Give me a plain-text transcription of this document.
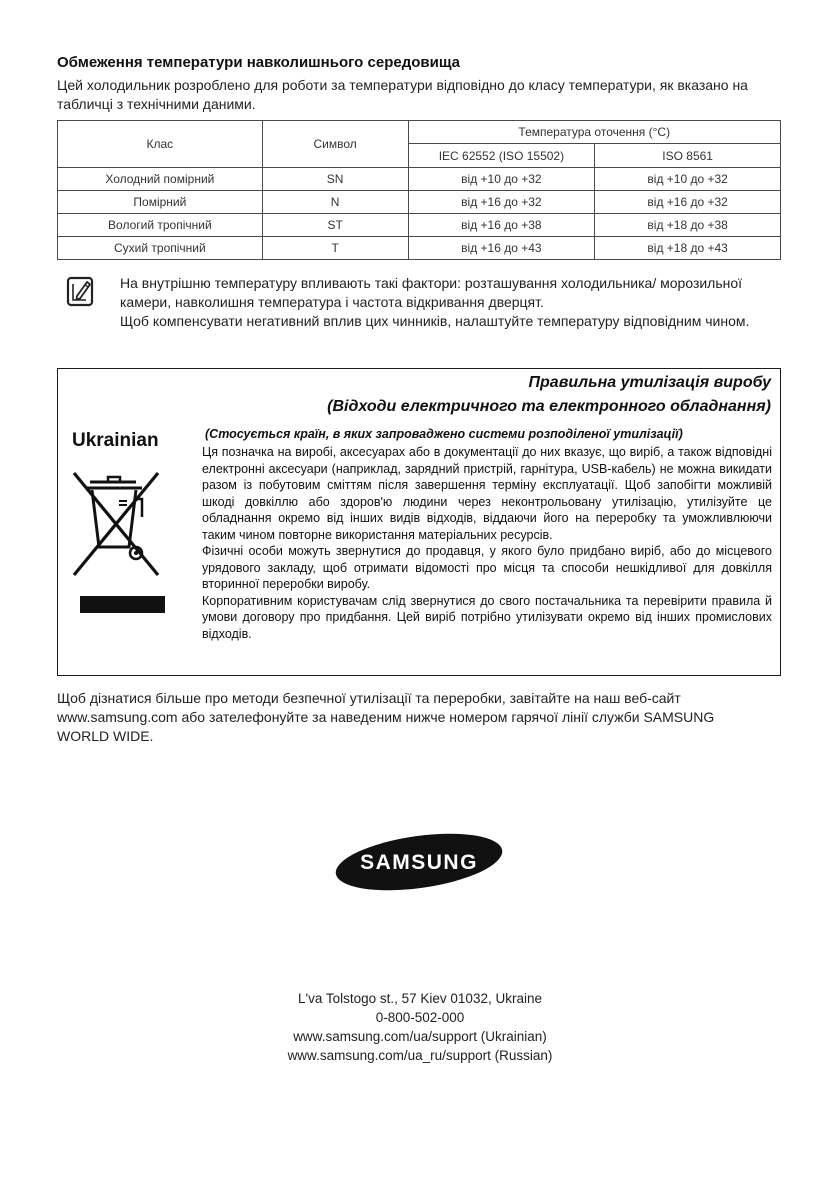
Обмеження температури навколишнього середовища
Цей холодильник розроблено для роботи за температури відповідно до класу температури, як вказано на табличці з технічними даними.
Клас	Символ	Температура оточення (°C)	
		IEC 62552 (ISO 15502)	ISO 8561
Холодний помірний	SN	від +10 до +32	від +10 до +32
Помірний	N	від +16 до +32	від +16 до +32
Вологий тропічний	ST	від +16 до +38	від +18 до +38
Сухий тропічний	T	від +16 до +43	від +18 до +43

На внутрішню температуру впливають такі фактори: розташування холодильника/ морозильної камери, навколишня температура і частота відкривання дверцят.

Щоб компенсувати негативний вплив цих чинників, налаштуйте температуру відповідним чином.

Правильна утилізація виробу
(Відходи електричного та електронного обладнання)
Ukrainian	(Стосується країн, в яких запроваджено системи розподіленої утилізації)

Ця позначка на виробі, аксесуарах або в документації до них вказує, що виріб, а також відповідні електронні аксесуари (наприклад, зарядний пристрій, гарнітура, USB-кабель) не можна викидати разом із побутовим сміттям після завершення терміну експлуатації. Щоб запобігти можливій шкоді довкіллю або здоров'ю людини через неконтрольовану утилізацію, утилізуйте це обладнання окремо від інших видів відходів, віддаючи його на переробку та уможливлюючи таким чином повторне використання матеріальних ресурсів.

Фізичні особи можуть звернутися до продавця, у якого було придбано виріб, або до місцевого урядового закладу, щоб отримати відомості про місця та способи нешкідливої для довкілля вторинної переробки виробу.

Корпоративним користувачам слід звернутися до свого постачальника та перевірити правила й умови договору про придбання. Цей виріб потрібно утилізувати окремо від інших промислових відходів.

Щоб дізнатися більше про методи безпечної утилізації та переробки, завітайте на наш веб-сайт www.samsung.com або зателефонуйте за наведеним нижче номером гарячої лінії служби SAMSUNG WORLD WIDE.
SAMSUNG
L'va Tolstogo st., 57 Kiev 01032, Ukraine
0-800-502-000
www.samsung.com/ua/support (Ukrainian)
www.samsung.com/ua_ru/support (Russian)
